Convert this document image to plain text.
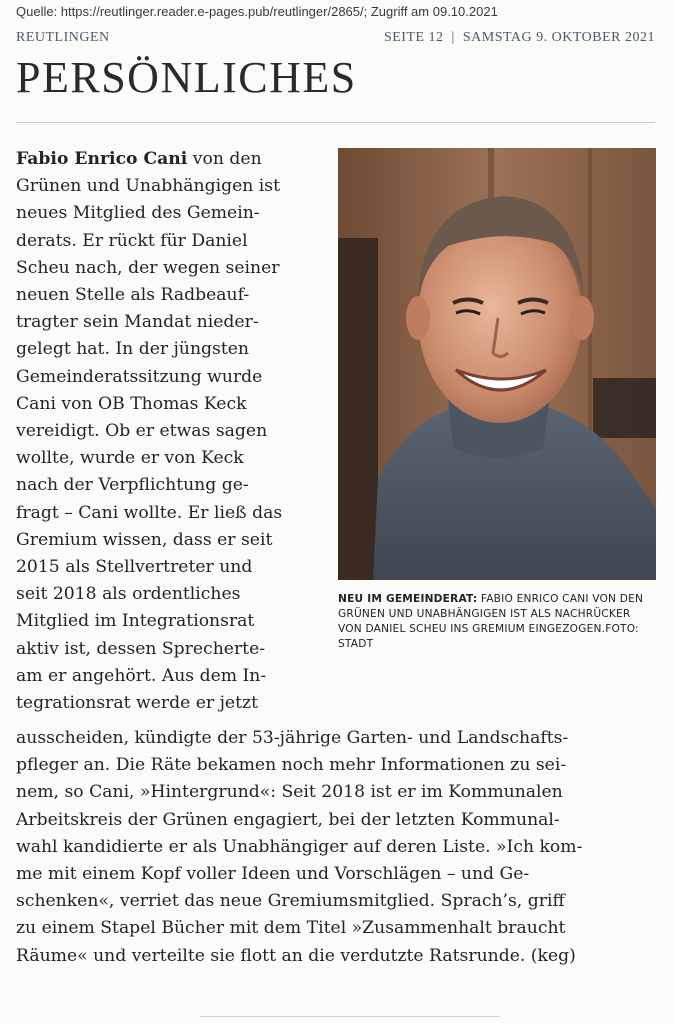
Quelle: https://reutlinger.reader.e-pages.pub/reutlinger/2865/; Zugriff am 09.10.2021
REUTLINGEN	SEITE 12 | SAMSTAG 9. OKTOBER 2021
PERSÖNLICHES
Fabio Enrico Cani von den
Grünen und Unabhängigen ist
neues Mitglied des Gemein-
derats. Er rückt für Daniel
Scheu nach, der wegen seiner
neuen Stelle als Radbeauf-
tragter sein Mandat nieder-
gelegt hat. In der jüngsten
Gemeinderatssitzung wurde
Cani von OB Thomas Keck
vereidigt. Ob er etwas sagen
wollte, wurde er von Keck
nach der Verpflichtung ge-
fragt – Cani wollte. Er ließ das
Gremium wissen, dass er seit
2015 als Stellvertreter und
seit 2018 als ordentliches
Mitglied im Integrationsrat
aktiv ist, dessen Sprecherte-
am er angehört. Aus dem In-
tegrationsrat werde er jetzt
NEU IM GEMEINDERAT: FABIO ENRICO CANI VON DEN GRÜNEN UND UNABHÄNGIGEN IST ALS NACHRÜCKER VON DANIEL SCHEU INS GREMIUM EINGEZOGEN.FOTO: STADT
ausscheiden, kündigte der 53-jährige Garten- und Landschafts-
pfleger an. Die Räte bekamen noch mehr Informationen zu sei-
nem, so Cani, »Hintergrund«: Seit 2018 ist er im Kommunalen
Arbeitskreis der Grünen engagiert, bei der letzten Kommunal-
wahl kandidierte er als Unabhängiger auf deren Liste. »Ich kom-
me mit einem Kopf voller Ideen und Vorschlägen – und Ge-
schenken«, verriet das neue Gremiumsmitglied. Sprach’s, griff
zu einem Stapel Bücher mit dem Titel »Zusammenhalt braucht
Räume« und verteilte sie flott an die verdutzte Ratsrunde. (keg)
